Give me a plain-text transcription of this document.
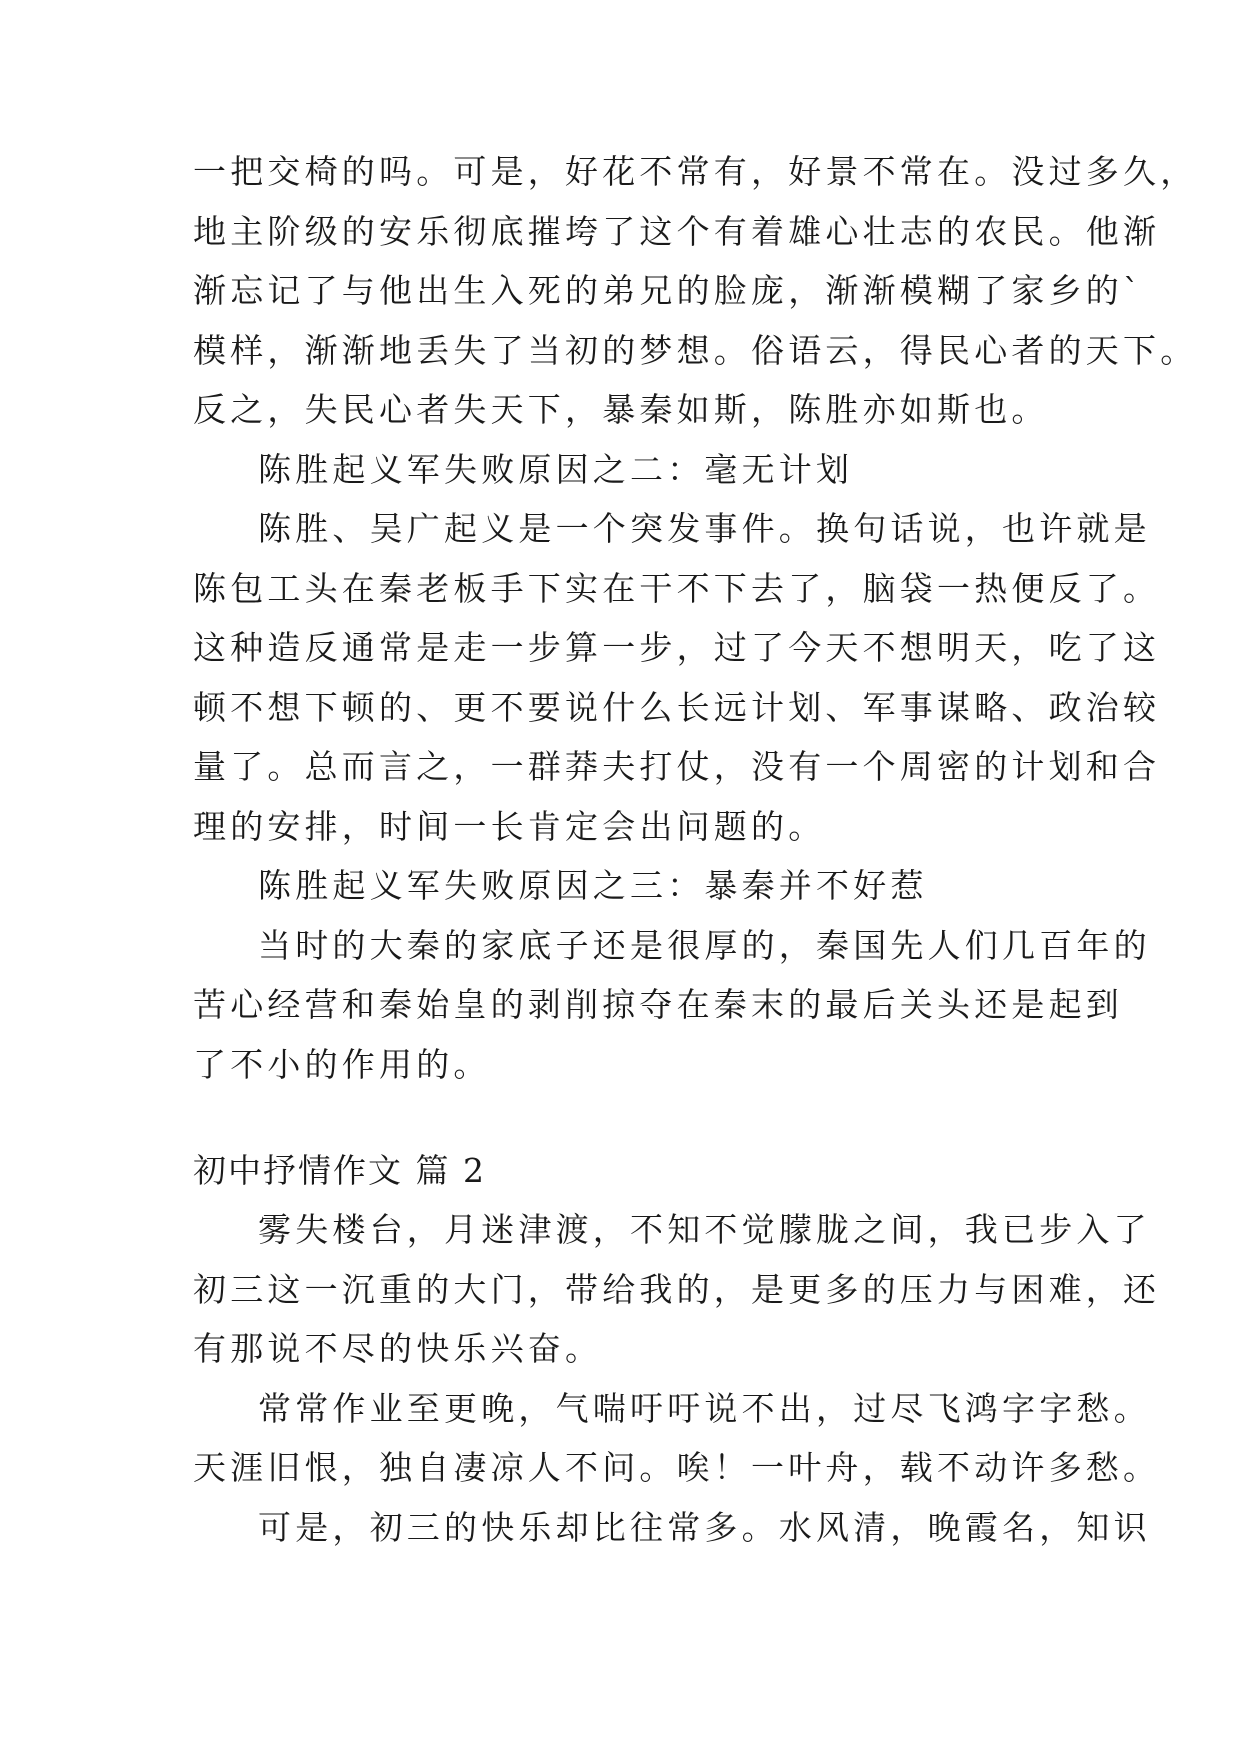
一把交椅的吗。可是，好花不常有，好景不常在。没过多久，
地主阶级的安乐彻底摧垮了这个有着雄心壮志的农民。他渐
渐忘记了与他出生入死的弟兄的脸庞，渐渐模糊了家乡的`
模样，渐渐地丢失了当初的梦想。俗语云，得民心者的天下。
反之，失民心者失天下，暴秦如斯，陈胜亦如斯也。
陈胜起义军失败原因之二：毫无计划
陈胜、吴广起义是一个突发事件。换句话说，也许就是
陈包工头在秦老板手下实在干不下去了，脑袋一热便反了。
这种造反通常是走一步算一步，过了今天不想明天，吃了这
顿不想下顿的、更不要说什么长远计划、军事谋略、政治较
量了。总而言之，一群莽夫打仗，没有一个周密的计划和合
理的安排，时间一长肯定会出问题的。
陈胜起义军失败原因之三：暴秦并不好惹
当时的大秦的家底子还是很厚的，秦国先人们几百年的
苦心经营和秦始皇的剥削掠夺在秦末的最后关头还是起到
了不小的作用的。
初中抒情作文 篇 2
雾失楼台，月迷津渡，不知不觉朦胧之间，我已步入了
初三这一沉重的大门，带给我的，是更多的压力与困难，还
有那说不尽的快乐兴奋。
常常作业至更晚，气喘吁吁说不出，过尽飞鸿字字愁。
天涯旧恨，独自凄凉人不问。唉！一叶舟，载不动许多愁。
可是，初三的快乐却比往常多。水风清，晚霞名，知识
